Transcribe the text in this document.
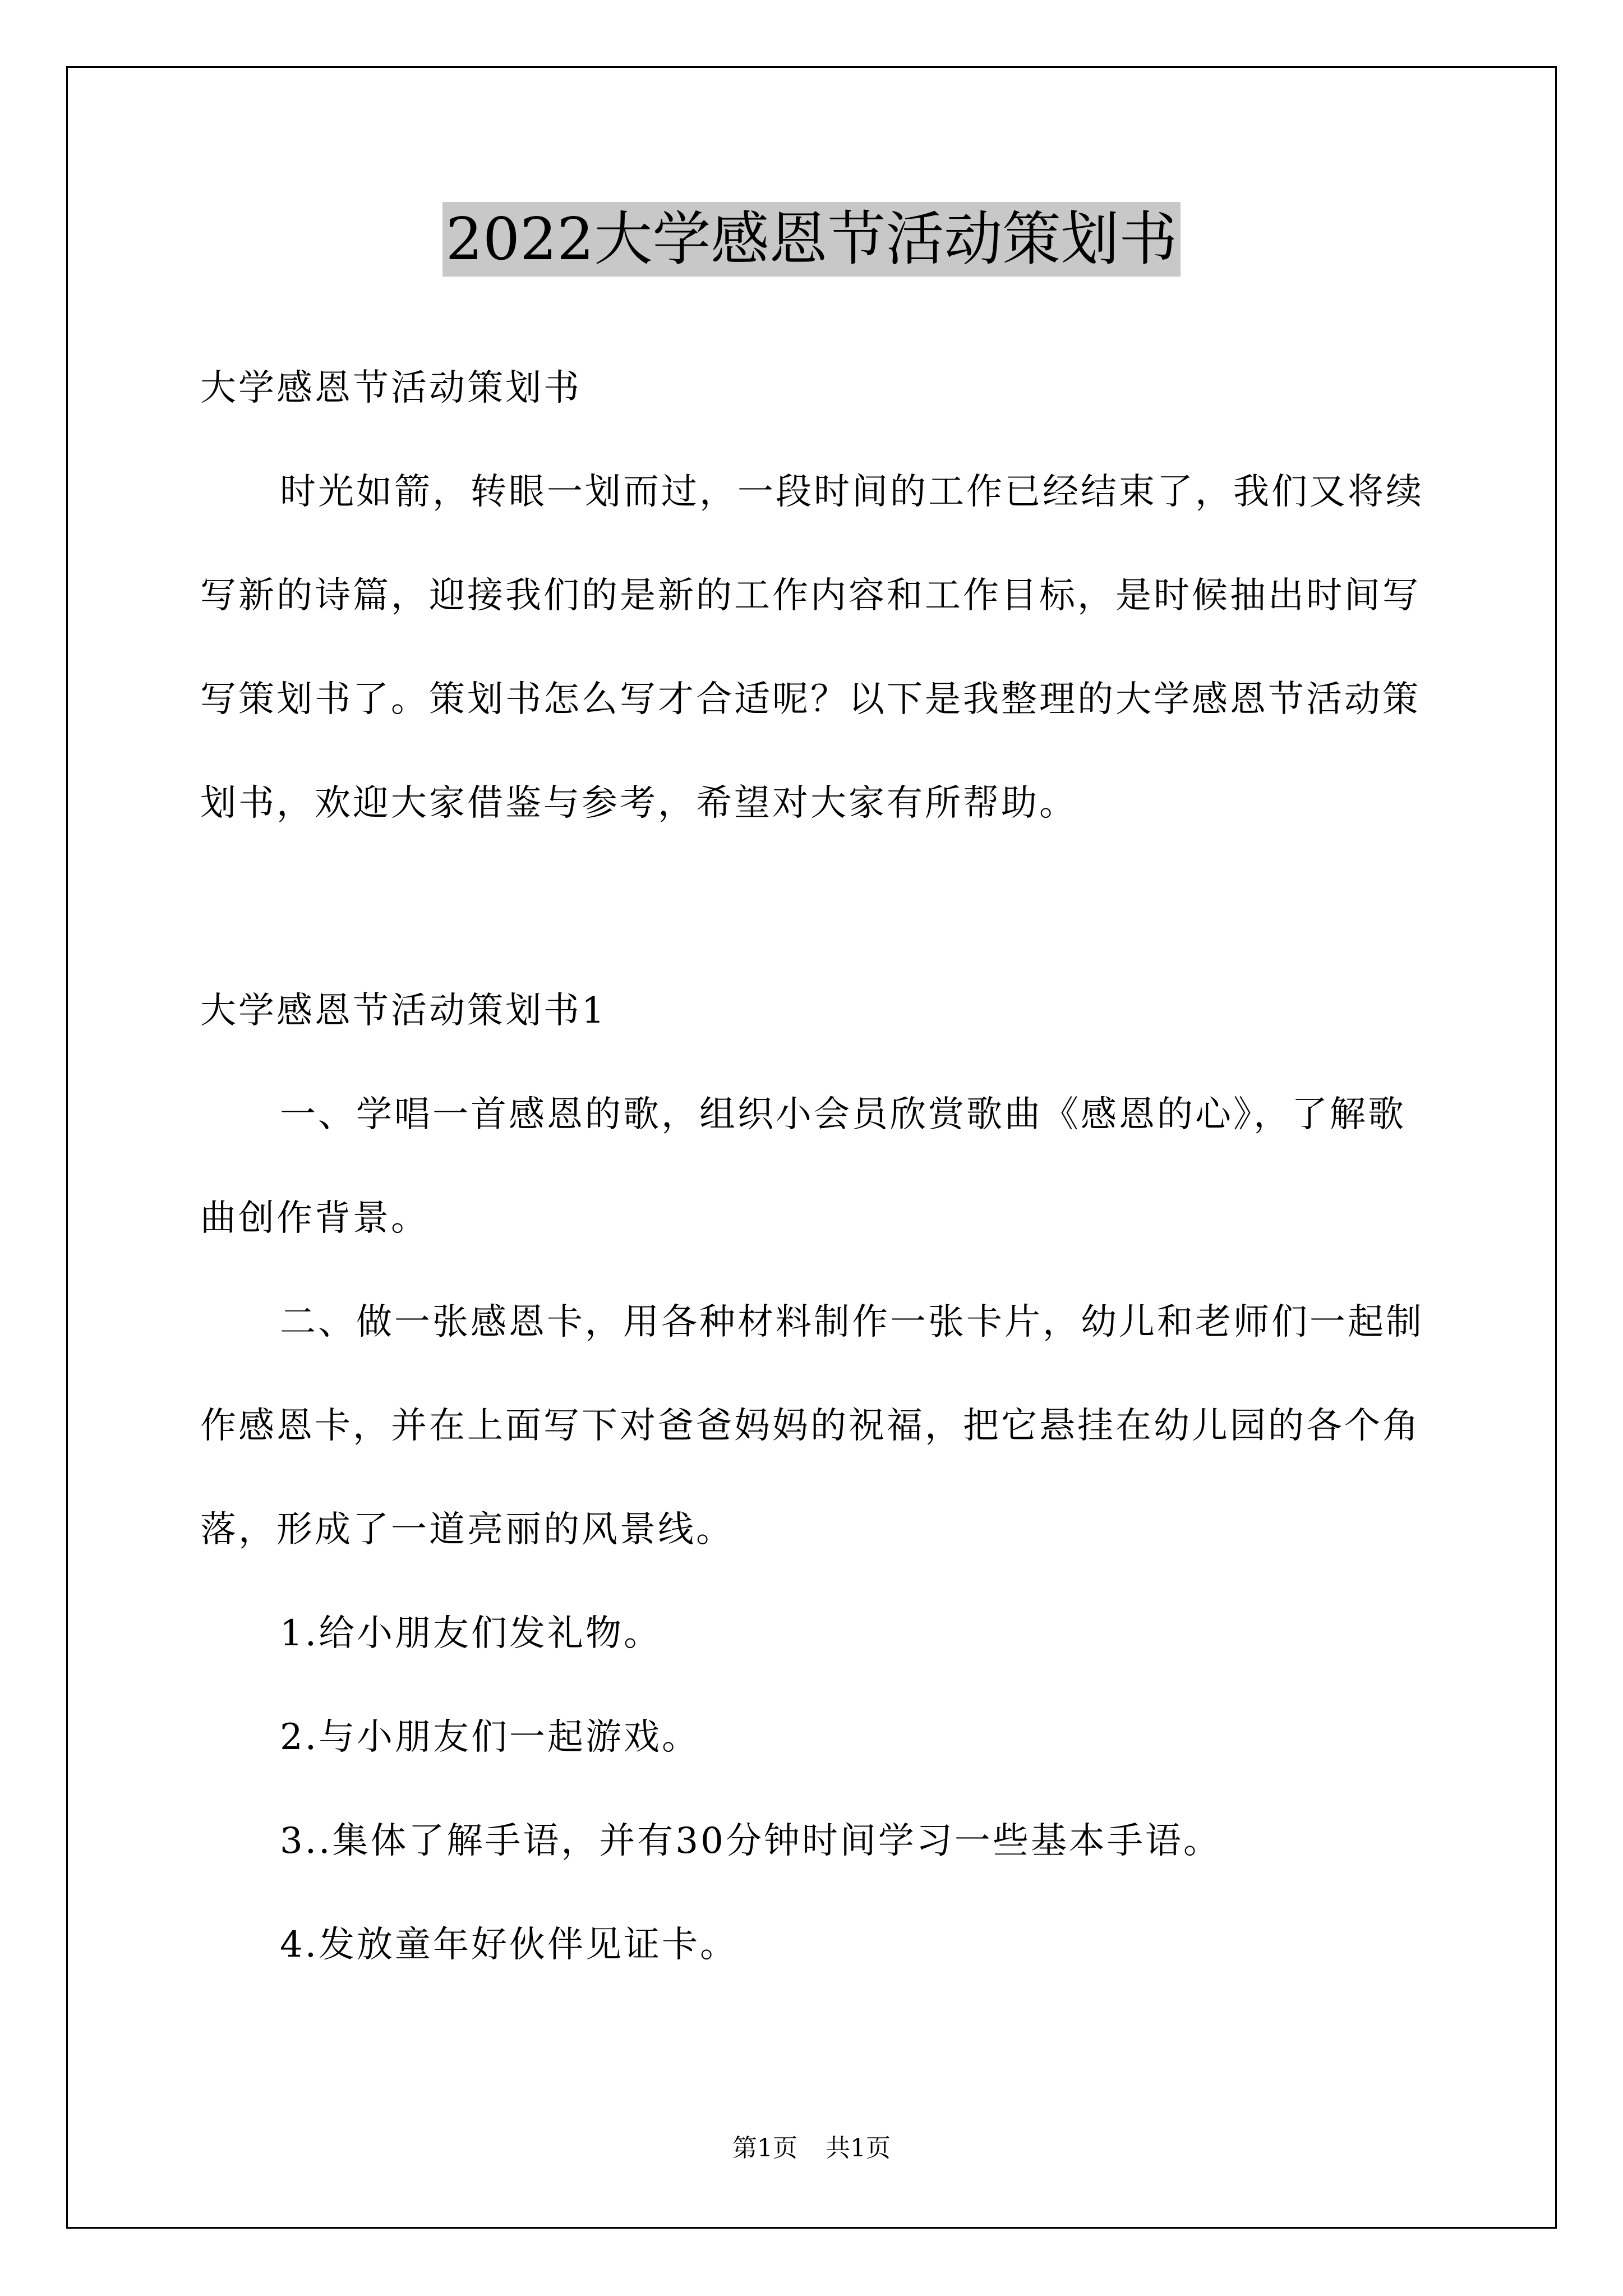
2022大学感恩节活动策划书

大学感恩节活动策划书

时光如箭，转眼一划而过，一段时间的工作已经结束了，我们又将续写新的诗篇，迎接我们的是新的工作内容和工作目标，是时候抽出时间写写策划书了。策划书怎么写才合适呢？以下是我整理的大学感恩节活动策划书，欢迎大家借鉴与参考，希望对大家有所帮助。

大学感恩节活动策划书1

一、学唱一首感恩的歌，组织小会员欣赏歌曲《感恩的心》，了解歌曲创作背景。

二、做一张感恩卡，用各种材料制作一张卡片，幼儿和老师们一起制作感恩卡，并在上面写下对爸爸妈妈的祝福，把它悬挂在幼儿园的各个角落，形成了一道亮丽的风景线。

1.给小朋友们发礼物。

2.与小朋友们一起游戏。

3..集体了解手语，并有30分钟时间学习一些基本手语。

4.发放童年好伙伴见证卡。

第1页 共1页
